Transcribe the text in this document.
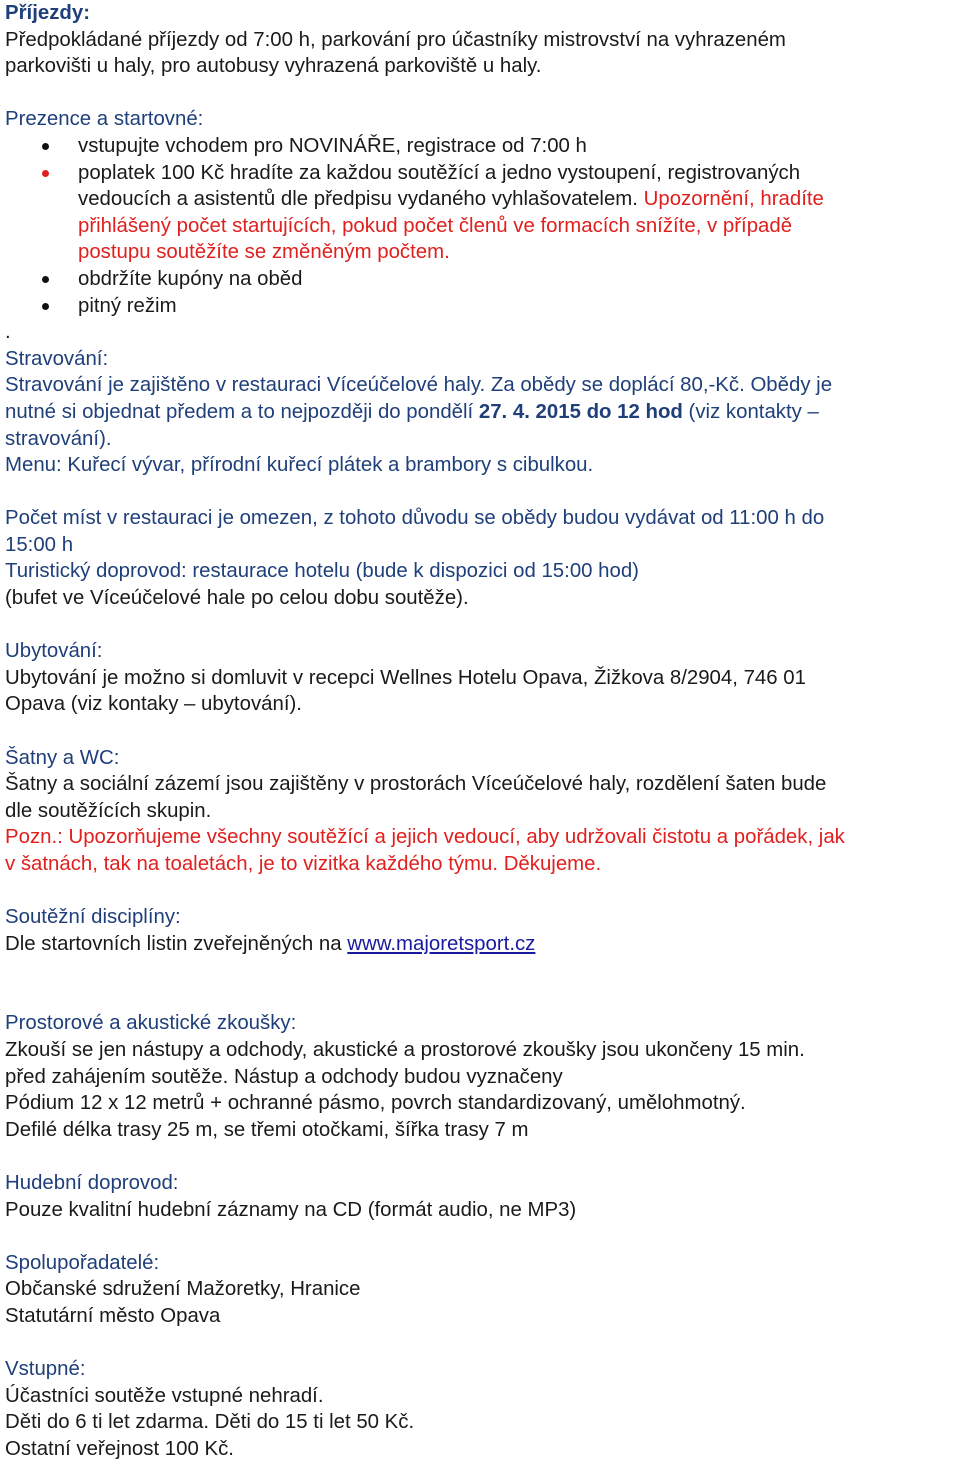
Příjezdy:
Předpokládané příjezdy od 7:00 h, parkování pro účastníky mistrovství na vyhrazeném
parkovišti u haly, pro autobusy vyhrazená parkoviště u haly.
Prezence a startovné:
vstupujte vchodem pro NOVINÁŘE, registrace od 7:00 h
poplatek 100 Kč hradíte za každou soutěžící a jedno vystoupení, registrovaných
vedoucích a asistentů dle předpisu vydaného vyhlašovatelem. Upozornění, hradíte
přihlášený počet startujících, pokud počet členů ve formacích snížíte, v případě
postupu soutěžíte se změněným počtem.
obdržíte kupóny na oběd
pitný režim
.
Stravování:
Stravování je zajištěno v restauraci Víceúčelové haly. Za obědy se doplácí 80,-Kč. Obědy je
nutné si objednat předem a to nejpozději do pondělí 27. 4. 2015 do 12 hod (viz kontakty –
stravování).
Menu: Kuřecí vývar, přírodní kuřecí plátek a brambory s cibulkou.
Počet míst v restauraci je omezen, z tohoto důvodu se obědy budou vydávat od 11:00 h do
15:00 h
Turistický doprovod: restaurace hotelu (bude k dispozici od 15:00 hod)
(bufet ve Víceúčelové hale po celou dobu soutěže).
Ubytování:
Ubytování je možno si domluvit v recepci Wellnes Hotelu Opava, Žižkova 8/2904, 746 01
Opava (viz kontaky – ubytování).
Šatny a WC:
Šatny a sociální zázemí jsou zajištěny v prostorách Víceúčelové haly, rozdělení šaten bude
dle soutěžících skupin.
Pozn.: Upozorňujeme všechny soutěžící a jejich vedoucí, aby udržovali čistotu a pořádek, jak
v šatnách, tak na toaletách, je to vizitka každého týmu. Děkujeme.
Soutěžní disciplíny:
Dle startovních listin zveřejněných na www.majoretsport.cz
Prostorové a akustické zkoušky:
Zkouší se jen nástupy a odchody, akustické a prostorové zkoušky jsou ukončeny 15 min.
před zahájením soutěže. Nástup a odchody budou vyznačeny
Pódium 12 x 12 metrů + ochranné pásmo, povrch standardizovaný, umělohmotný.
Defilé délka trasy 25 m, se třemi otočkami, šířka trasy 7 m
Hudební doprovod:
Pouze kvalitní hudební záznamy na CD (formát audio, ne MP3)
Spolupořadatelé:
Občanské sdružení Mažoretky, Hranice
Statutární město Opava
Vstupné:
Účastníci soutěže vstupné nehradí.
Děti do 6 ti let zdarma. Děti do 15 ti let 50 Kč.
Ostatní veřejnost 100 Kč.
